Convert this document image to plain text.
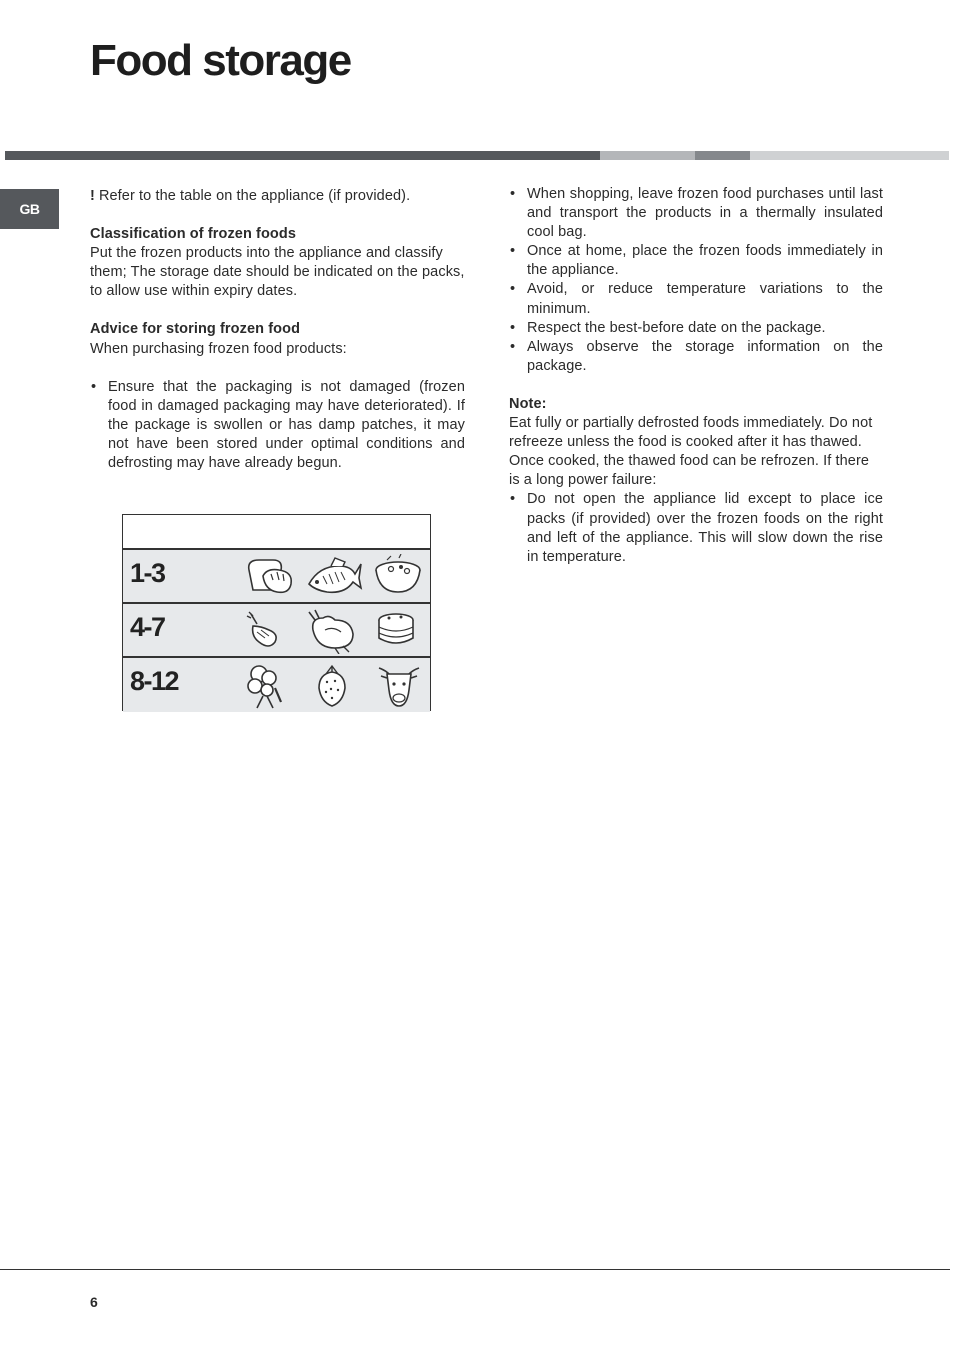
Food storage
GB

! Refer to the table on the appliance (if provided).

Classification of frozen foods

Put the frozen products into the appliance and classify them; The storage date should be indicated on the packs, to allow use within expiry dates.

Advice for storing frozen food

When purchasing frozen food products:

• Ensure that the packaging is not damaged (frozen food in damaged packaging may have deteriorated). If the package is swollen or has damp patches, it may not have been stored under optimal conditions and defrosting may have already begun.
1-3
4-7
8-12
• When shopping, leave frozen food purchases until last and transport the products in a thermally insulated cool bag.
• Once at home, place the frozen foods immediately in the appliance.
• Avoid, or reduce temperature variations to the minimum.
• Respect the best-before date on the package.
• Always observe the storage information on the package.

Note:

Eat fully or partially defrosted foods immediately. Do not refreeze unless the food is cooked after it has thawed. Once cooked, the thawed food can be refrozen. If there is a long power failure:

• Do not open the appliance lid except to place ice packs (if provided) over the frozen foods on the right and left of the appliance. This will slow down the rise in temperature.
6
